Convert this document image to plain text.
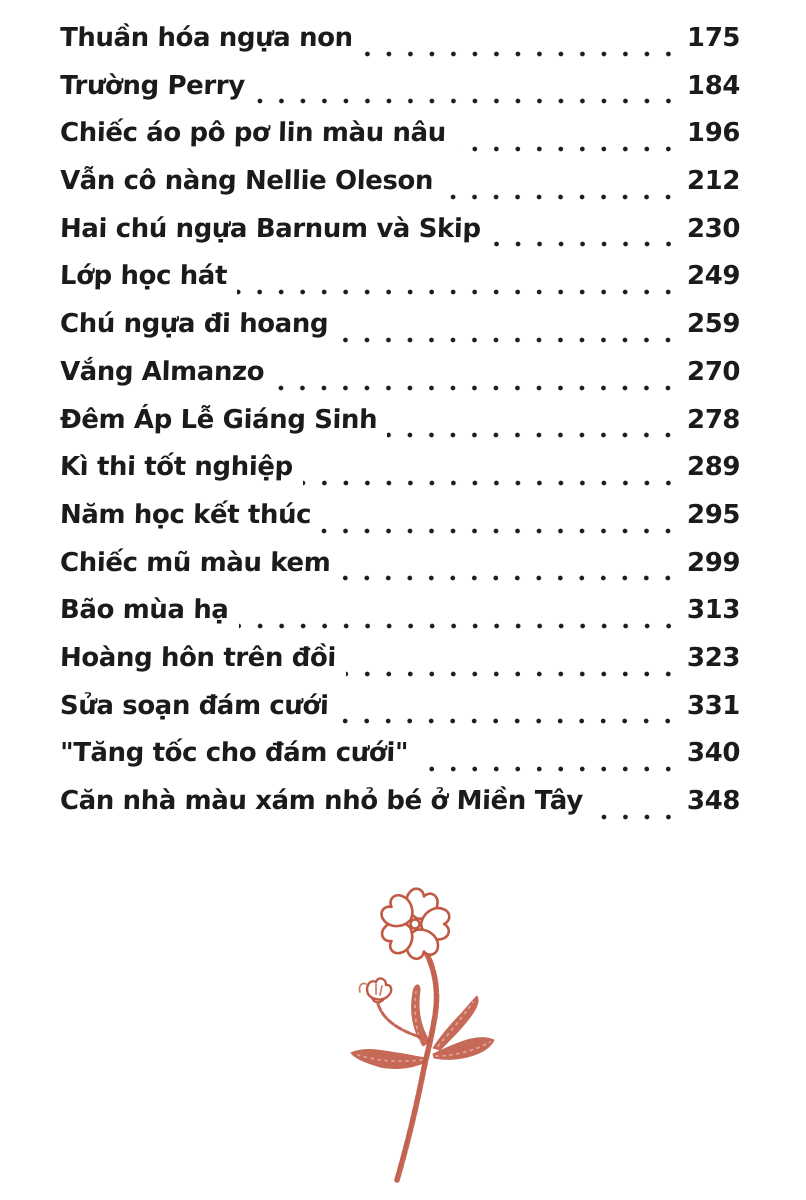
Thuần hóa ngựa non	175
Trường Perry	184
Chiếc áo pô pơ lin màu nâu	196
Vẫn cô nàng Nellie Oleson	212
Hai chú ngựa Barnum và Skip	230
Lớp học hát	249
Chú ngựa đi hoang	259
Vắng Almanzo	270
Đêm Áp Lễ Giáng Sinh	278
Kì thi tốt nghiệp	289
Năm học kết thúc	295
Chiếc mũ màu kem	299
Bão mùa hạ	313
Hoàng hôn trên đồi	323
Sửa soạn đám cưới	331
"Tăng tốc cho đám cưới"	340
Căn nhà màu xám nhỏ bé ở Miền Tây	348
